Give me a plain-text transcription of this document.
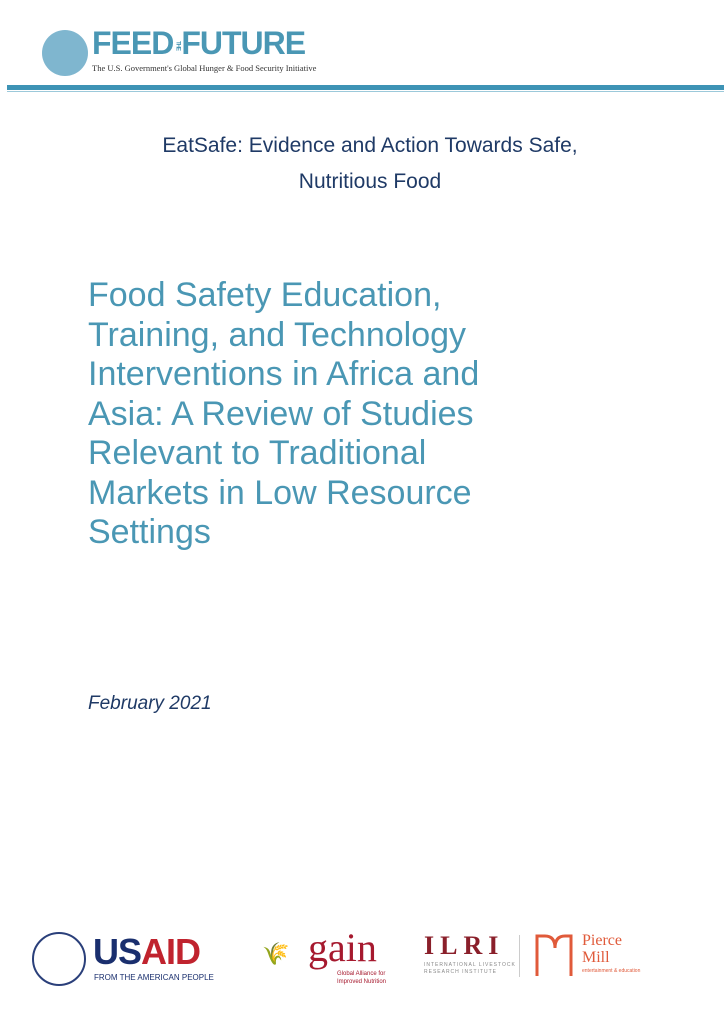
FEEDTHEFUTURE
The U.S. Government's Global Hunger & Food Security Initiative
EatSafe: Evidence and Action Towards Safe,
Nutritious Food
Food Safety Education,
Training, and Technology
Interventions in Africa and
Asia: A Review of Studies
Relevant to Traditional
Markets in Low Resource
Settings
February 2021
USAID
FROM THE AMERICAN PEOPLE
🌾 gain
Global Alliance for Improved Nutrition
ILRI
INTERNATIONAL LIVESTOCK RESEARCH INSTITUTE
Pierce
Mill
entertainment & education
